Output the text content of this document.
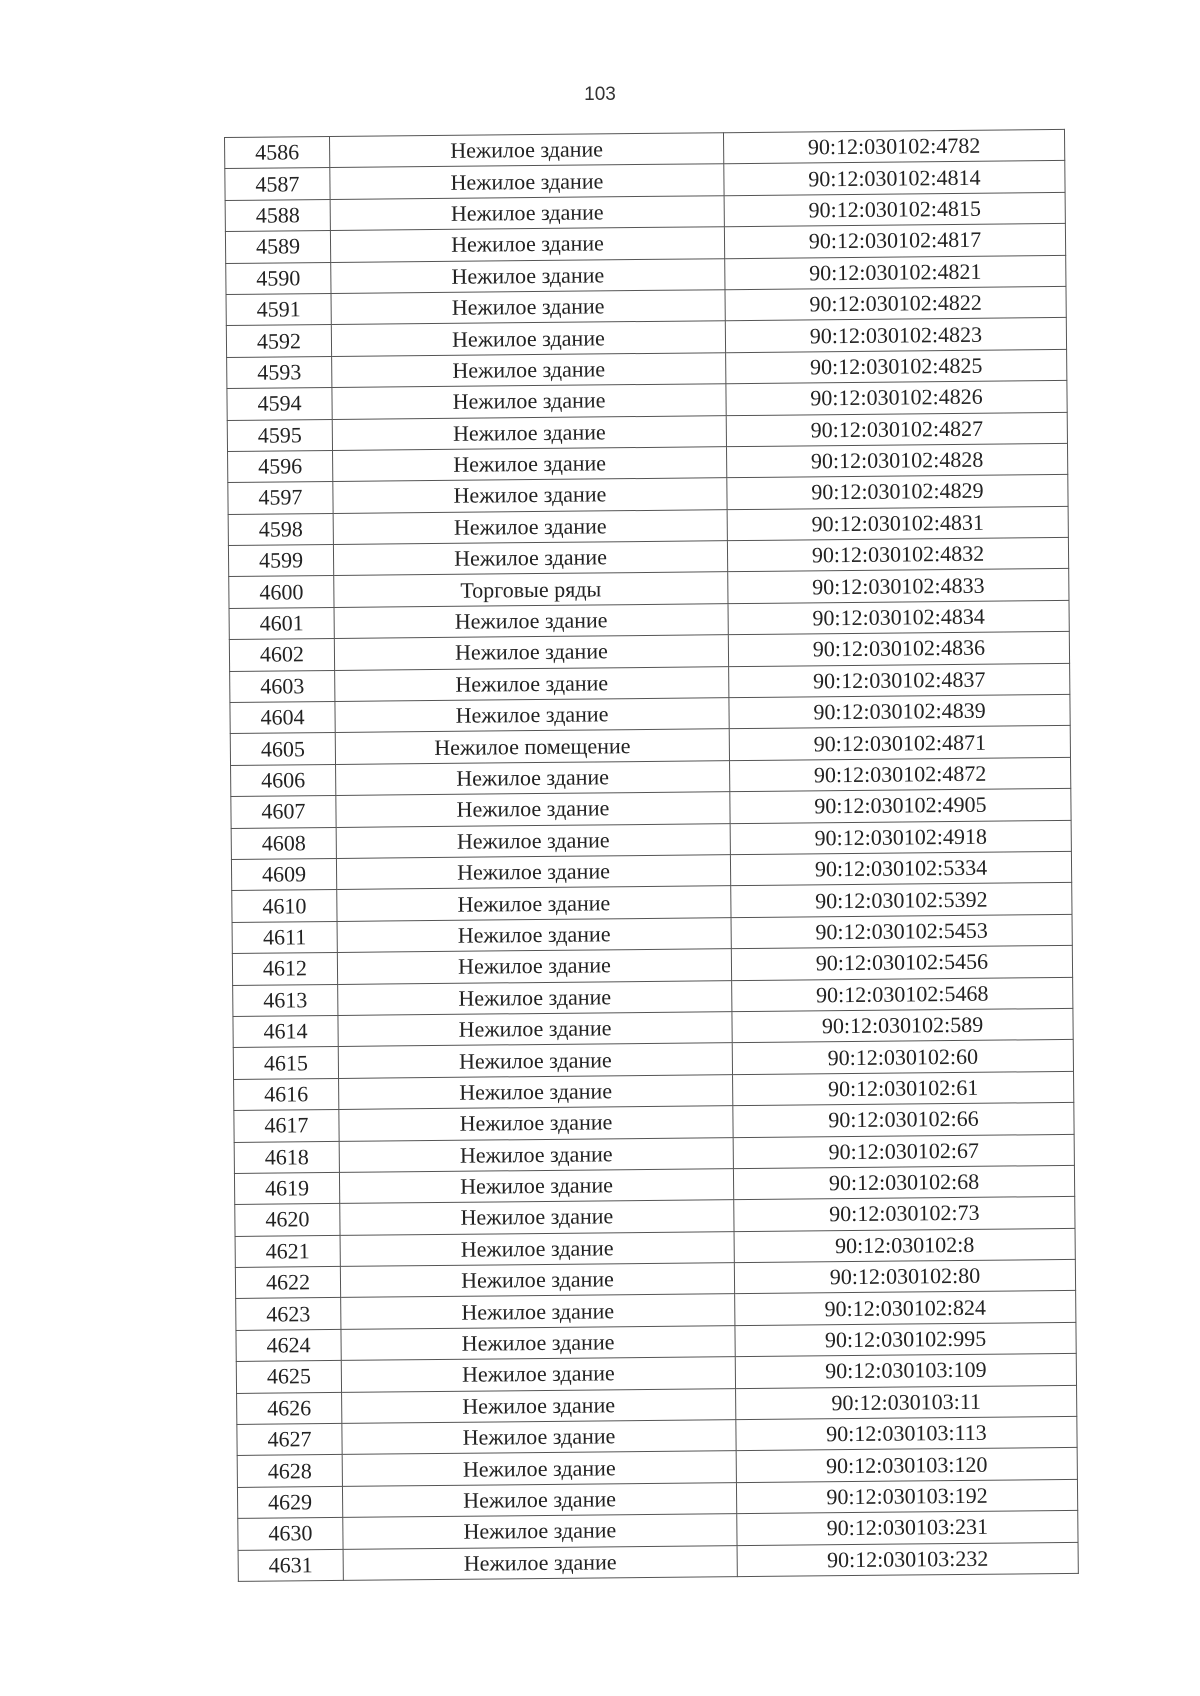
103
4586	Нежилое здание	90:12:030102:4782
4587	Нежилое здание	90:12:030102:4814
4588	Нежилое здание	90:12:030102:4815
4589	Нежилое здание	90:12:030102:4817
4590	Нежилое здание	90:12:030102:4821
4591	Нежилое здание	90:12:030102:4822
4592	Нежилое здание	90:12:030102:4823
4593	Нежилое здание	90:12:030102:4825
4594	Нежилое здание	90:12:030102:4826
4595	Нежилое здание	90:12:030102:4827
4596	Нежилое здание	90:12:030102:4828
4597	Нежилое здание	90:12:030102:4829
4598	Нежилое здание	90:12:030102:4831
4599	Нежилое здание	90:12:030102:4832
4600	Торговые ряды	90:12:030102:4833
4601	Нежилое здание	90:12:030102:4834
4602	Нежилое здание	90:12:030102:4836
4603	Нежилое здание	90:12:030102:4837
4604	Нежилое здание	90:12:030102:4839
4605	Нежилое помещение	90:12:030102:4871
4606	Нежилое здание	90:12:030102:4872
4607	Нежилое здание	90:12:030102:4905
4608	Нежилое здание	90:12:030102:4918
4609	Нежилое здание	90:12:030102:5334
4610	Нежилое здание	90:12:030102:5392
4611	Нежилое здание	90:12:030102:5453
4612	Нежилое здание	90:12:030102:5456
4613	Нежилое здание	90:12:030102:5468
4614	Нежилое здание	90:12:030102:589
4615	Нежилое здание	90:12:030102:60
4616	Нежилое здание	90:12:030102:61
4617	Нежилое здание	90:12:030102:66
4618	Нежилое здание	90:12:030102:67
4619	Нежилое здание	90:12:030102:68
4620	Нежилое здание	90:12:030102:73
4621	Нежилое здание	90:12:030102:8
4622	Нежилое здание	90:12:030102:80
4623	Нежилое здание	90:12:030102:824
4624	Нежилое здание	90:12:030102:995
4625	Нежилое здание	90:12:030103:109
4626	Нежилое здание	90:12:030103:11
4627	Нежилое здание	90:12:030103:113
4628	Нежилое здание	90:12:030103:120
4629	Нежилое здание	90:12:030103:192
4630	Нежилое здание	90:12:030103:231
4631	Нежилое здание	90:12:030103:232
